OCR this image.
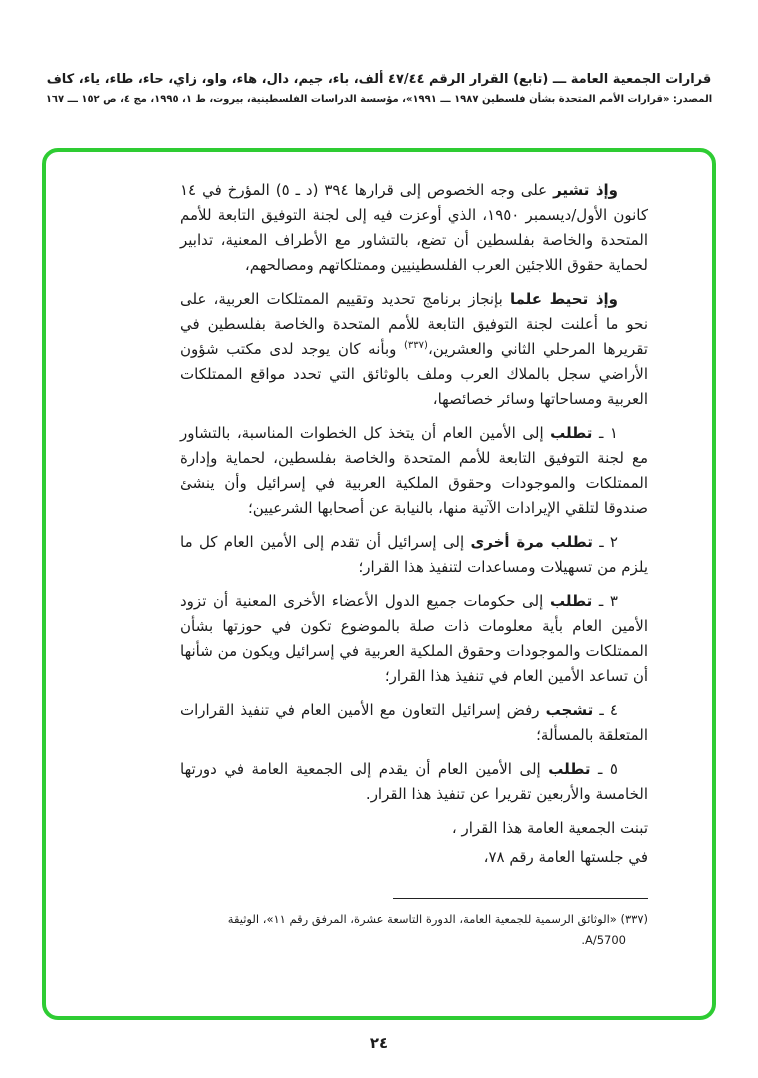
قرارات الجمعية العامة ـــ (تابع) القرار الرقم ٤٧/٤٤ ألف، باء، جيم، دال، هاء، واو، زاي، حاء، طاء، ياء، كاف
المصدر: «قرارات الأمم المتحدة بشأن فلسطين ١٩٨٧ ـــ ١٩٩١»، مؤسسة الدراسات الفلسطينية، بيروت، ط ١، ١٩٩٥، مج ٤، ص ١٥٢ ـــ ١٦٧

وإذ تشير على وجه الخصوص إلى قرارها ٣٩٤ (د ـ ٥) المؤرخ في ١٤ كانون الأول/ديسمبر ١٩٥٠، الذي أوعزت فيه إلى لجنة التوفيق التابعة للأمم المتحدة والخاصة بفلسطين أن تضع، بالتشاور مع الأطراف المعنية، تدابير لحماية حقوق اللاجئين العرب الفلسطينيين وممتلكاتهم ومصالحهم،

وإذ تحيط علما بإنجاز برنامج تحديد وتقييم الممتلكات العربية، على نحو ما أعلنت لجنة التوفيق التابعة للأمم المتحدة والخاصة بفلسطين في تقريرها المرحلي الثاني والعشرين،$^{(٣٣٧)}$ وبأنه كان يوجد لدى مكتب شؤون الأراضي سجل بالملاك العرب وملف بالوثائق التي تحدد مواقع الممتلكات العربية ومساحاتها وسائر خصائصها،

١ ـ تطلب إلى الأمين العام أن يتخذ كل الخطوات المناسبة، بالتشاور مع لجنة التوفيق التابعة للأمم المتحدة والخاصة بفلسطين، لحماية وإدارة الممتلكات والموجودات وحقوق الملكية العربية في إسرائيل وأن ينشئ صندوقا لتلقي الإيرادات الآتية منها، بالنيابة عن أصحابها الشرعيين؛

٢ ـ تطلب مرة أخرى إلى إسرائيل أن تقدم إلى الأمين العام كل ما يلزم من تسهيلات ومساعدات لتنفيذ هذا القرار؛

٣ ـ تطلب إلى حكومات جميع الدول الأعضاء الأخرى المعنية أن تزود الأمين العام بأية معلومات ذات صلة بالموضوع تكون في حوزتها بشأن الممتلكات والموجودات وحقوق الملكية العربية في إسرائيل ويكون من شأنها أن تساعد الأمين العام في تنفيذ هذا القرار؛

٤ ـ تشجب رفض إسرائيل التعاون مع الأمين العام في تنفيذ القرارات المتعلقة بالمسألة؛

٥ ـ تطلب إلى الأمين العام أن يقدم إلى الجمعية العامة في دورتها الخامسة والأربعين تقريرا عن تنفيذ هذا القرار.

تبنت الجمعية العامة هذا القرار ،

في جلستها العامة رقم ٧٨،

(٣٣٧) «الوثائق الرسمية للجمعية العامة، الدورة التاسعة عشرة، المرفق رقم ١١»، الوثيقة A/5700.

٢٤
